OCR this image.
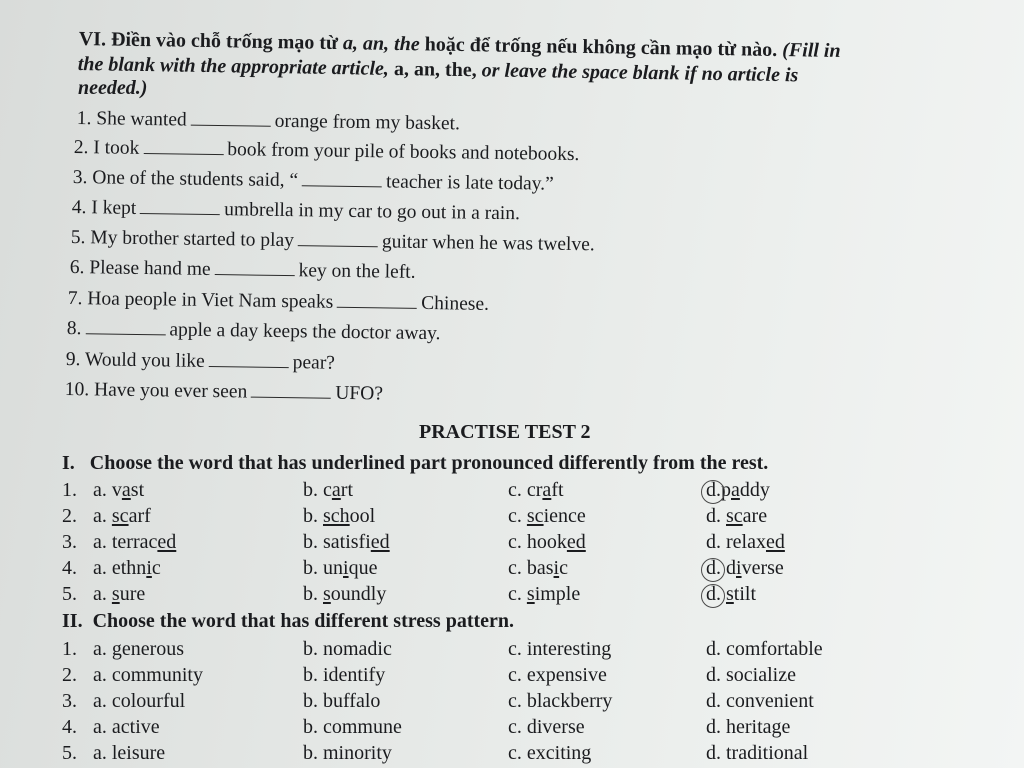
VI. Điền vào chỗ trống mạo từ a, an, the hoặc để trống nếu không cần mạo từ nào. (Fill in
the blank with the appropriate article, a, an, the, or leave the space blank if no article is
needed.)
1. She wanted	orange from my basket.
2. I took	book from your pile of books and notebooks.
3. One of the students said, “	teacher is late today.”
4. I kept	umbrella in my car to go out in a rain.
5. My brother started to play	guitar when he was twelve.
6. Please hand me	key on the left.
7. Hoa people in Viet Nam speaks	Chinese.
8.	apple a day keeps the doctor away.
9. Would you like	pear?
10. Have you ever seen	UFO?
PRACTISE TEST 2
I.   Choose the word that has underlined part pronounced differently from the rest.
1. a. vast	b. cart	c. craft	d.paddy
2. a. scarf	b. school	c. science	d. scare
3. a. terraced	b. satisfied	c. hooked	d. relaxed
4. a. ethnic	b. unique	c. basic	d. diverse
5. a. sure	b. soundly	c. simple	d. stilt
II.  Choose the word that has different stress pattern.
1. a. generous	b. nomadic	c. interesting	d. comfortable
2. a. community	b. identify	c. expensive	d. socialize
3. a. colourful	b. buffalo	c. blackberry	d. convenient
4. a. active	b. commune	c. diverse	d. heritage
5. a. leisure	b. minority	c. exciting	d. traditional
